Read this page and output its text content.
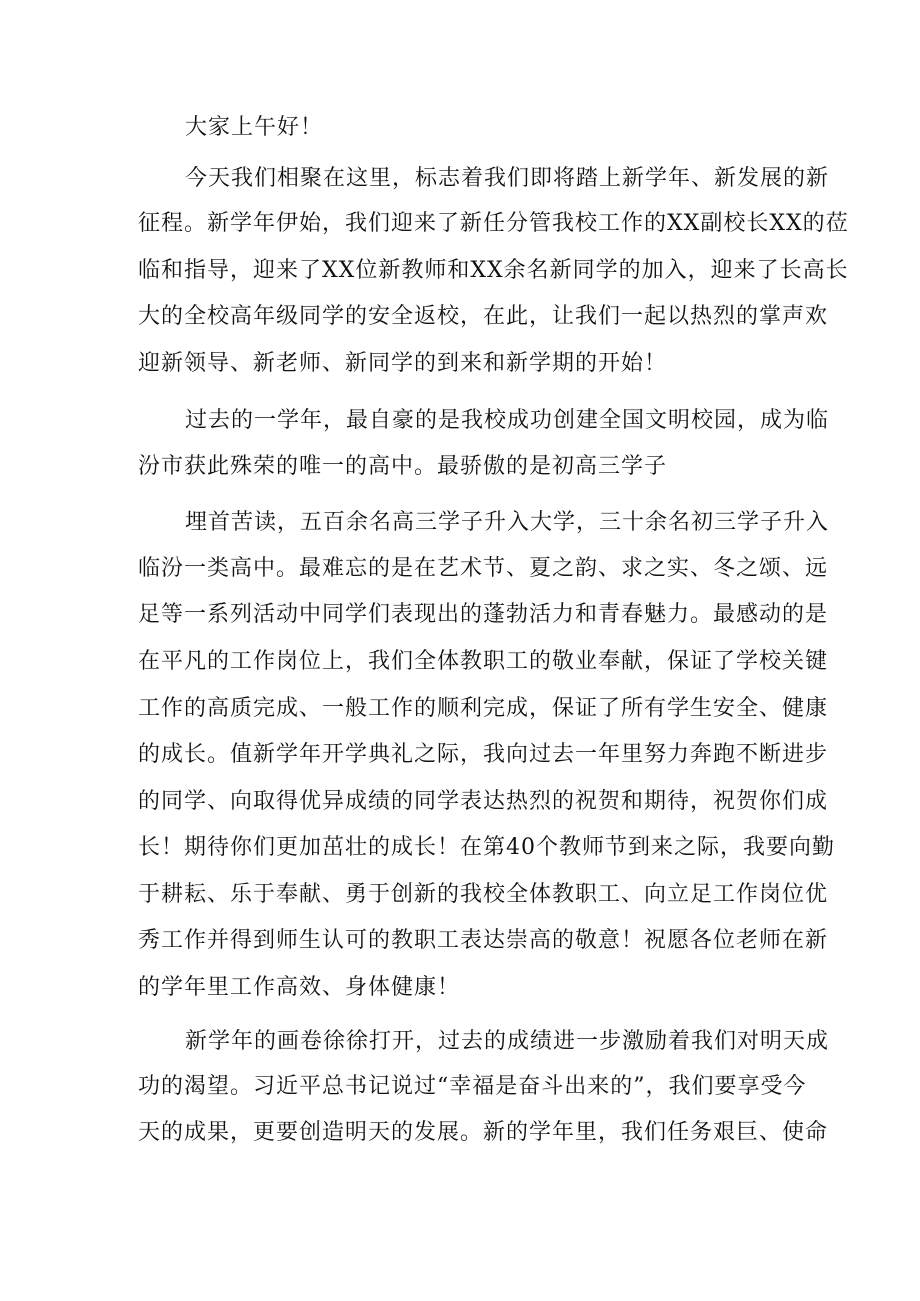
大家上午好！
今天我们相聚在这里，标志着我们即将踏上新学年、新发展的新
征程。新学年伊始，我们迎来了新任分管我校工作的XX副校长XX的莅
临和指导，迎来了XX位新教师和XX余名新同学的加入，迎来了长高长
大的全校高年级同学的安全返校，在此，让我们一起以热烈的掌声欢
迎新领导、新老师、新同学的到来和新学期的开始！
过去的一学年，最自豪的是我校成功创建全国文明校园，成为临
汾市获此殊荣的唯一的高中。最骄傲的是初高三学子
埋首苦读，五百余名高三学子升入大学，三十余名初三学子升入
临汾一类高中。最难忘的是在艺术节、夏之韵、求之实、冬之颂、远
足等一系列活动中同学们表现出的蓬勃活力和青春魅力。最感动的是
在平凡的工作岗位上，我们全体教职工的敬业奉献，保证了学校关键
工作的高质完成、一般工作的顺利完成，保证了所有学生安全、健康
的成长。值新学年开学典礼之际，我向过去一年里努力奔跑不断进步
的同学、向取得优异成绩的同学表达热烈的祝贺和期待，祝贺你们成
长！期待你们更加茁壮的成长！在第40个教师节到来之际，我要向勤
于耕耘、乐于奉献、勇于创新的我校全体教职工、向立足工作岗位优
秀工作并得到师生认可的教职工表达崇高的敬意！祝愿各位老师在新
的学年里工作高效、身体健康！
新学年的画卷徐徐打开，过去的成绩进一步激励着我们对明天成
功的渴望。习近平总书记说过“幸福是奋斗出来的”，我们要享受今
天的成果，更要创造明天的发展。新的学年里，我们任务艰巨、使命
